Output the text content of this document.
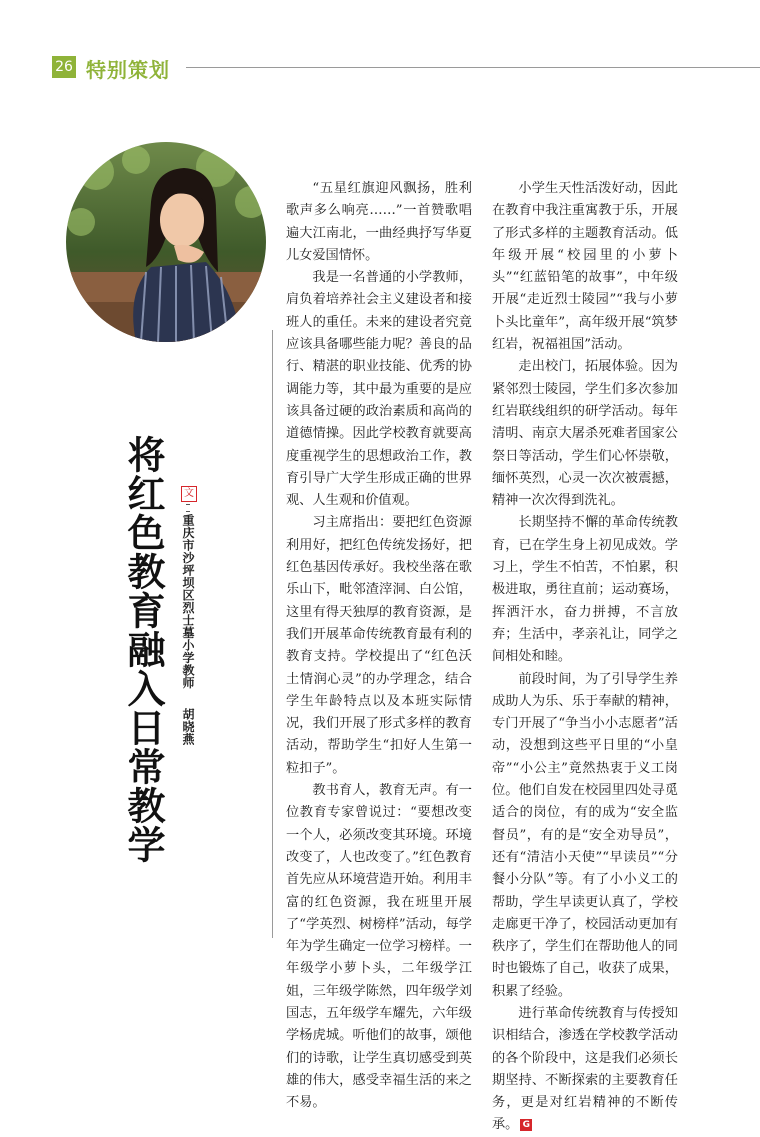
26 特别策划
将红色教育融入日常教学	文
重庆市沙坪坝区烈士墓小学教师 胡晓燕

“五星红旗迎风飘扬，胜利歌声多么响亮……”一首赞歌唱遍大江南北，一曲经典抒写华夏儿女爱国情怀。

我是一名普通的小学教师，肩负着培养社会主义建设者和接班人的重任。未来的建设者究竟应该具备哪些能力呢？善良的品行、精湛的职业技能、优秀的协调能力等，其中最为重要的是应该具备过硬的政治素质和高尚的道德情操。因此学校教育就要高度重视学生的思想政治工作，教育引导广大学生形成正确的世界观、人生观和价值观。

习主席指出：要把红色资源利用好，把红色传统发扬好，把红色基因传承好。我校坐落在歌乐山下，毗邻渣滓洞、白公馆，这里有得天独厚的教育资源，是我们开展革命传统教育最有利的教育支持。学校提出了“红色沃土情润心灵”的办学理念，结合学生年龄特点以及本班实际情况，我们开展了形式多样的教育活动，帮助学生“扣好人生第一粒扣子”。

教书育人，教育无声。有一位教育专家曾说过：“要想改变一个人，必须改变其环境。环境改变了，人也改变了。”红色教育首先应从环境营造开始。利用丰富的红色资源，我在班里开展了“学英烈、树榜样”活动，每学年为学生确定一位学习榜样。一年级学小萝卜头，二年级学江姐，三年级学陈然，四年级学刘国志，五年级学车耀先，六年级学杨虎城。听他们的故事，颂他们的诗歌，让学生真切感受到英雄的伟大，感受幸福生活的来之不易。

小学生天性活泼好动，因此在教育中我注重寓教于乐，开展了形式多样的主题教育活动。低年级开展“校园里的小萝卜头”“红蓝铅笔的故事”，中年级开展“走近烈士陵园”“我与小萝卜头比童年”，高年级开展“筑梦红岩，祝福祖国”活动。

走出校门，拓展体验。因为紧邻烈士陵园，学生们多次参加红岩联线组织的研学活动。每年清明、南京大屠杀死难者国家公祭日等活动，学生们心怀崇敬，缅怀英烈，心灵一次次被震撼，精神一次次得到洗礼。

长期坚持不懈的革命传统教育，已在学生身上初见成效。学习上，学生不怕苦，不怕累，积极进取，勇往直前；运动赛场，挥洒汗水，奋力拼搏，不言放弃；生活中，孝亲礼让，同学之间相处和睦。

前段时间，为了引导学生养成助人为乐、乐于奉献的精神，专门开展了“争当小小志愿者”活动，没想到这些平日里的“小皇帝”“小公主”竟然热衷于义工岗位。他们自发在校园里四处寻觅适合的岗位，有的成为“安全监督员”，有的是“安全劝导员”，还有“清洁小天使”“早读员”“分餐小分队”等。有了小小义工的帮助，学生早读更认真了，学校走廊更干净了，校园活动更加有秩序了，学生们在帮助他人的同时也锻炼了自己，收获了成果，积累了经验。

进行革命传统教育与传授知识相结合，渗透在学校教学活动的各个阶段中，这是我们必须长期坚持、不断探索的主要教育任务，更是对红岩精神的不断传承。 G
